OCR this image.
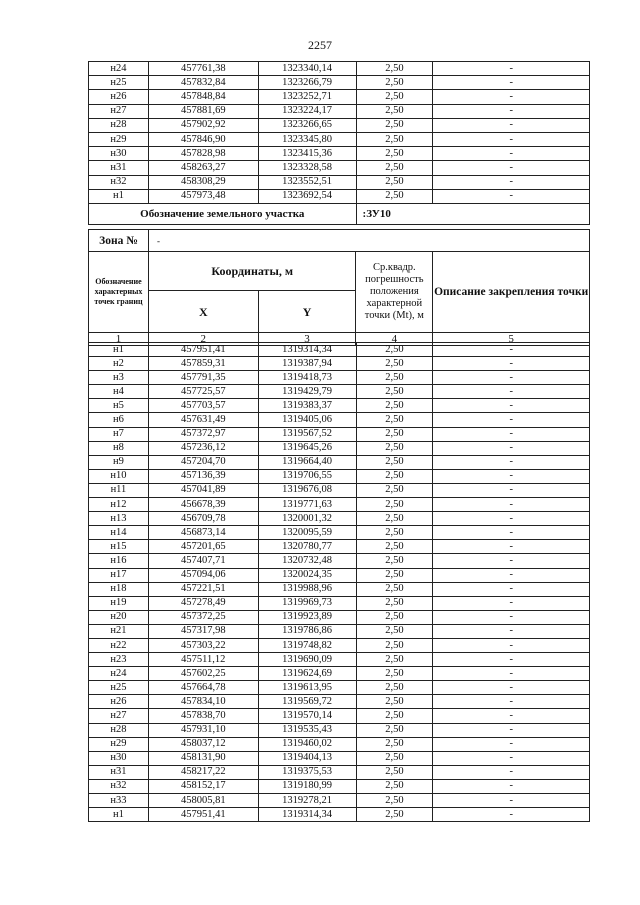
2257
н24	457761,38	1323340,14	2,50	-
н25	457832,84	1323266,79	2,50	-
н26	457848,84	1323252,71	2,50	-
н27	457881,69	1323224,17	2,50	-
н28	457902,92	1323266,65	2,50	-
н29	457846,90	1323345,80	2,50	-
н30	457828,98	1323415,36	2,50	-
н31	458263,27	1323328,58	2,50	-
н32	458308,29	1323552,51	2,50	-
н1	457973,48	1323692,54	2,50	-
Обозначение земельного участка			:ЗУ10	
Зона №	-			
Обозначение характерных точек границ	Координаты, м		Ср.квадр. погрешность положения характерной точки (Mt), м	Описание закрепления точки
	X	Y		
1	2	3	4	5
н1	457951,41	1319314,34	2,50	-
н2	457859,31	1319387,94	2,50	-
н3	457791,35	1319418,73	2,50	-
н4	457725,57	1319429,79	2,50	-
н5	457703,57	1319383,37	2,50	-
н6	457631,49	1319405,06	2,50	-
н7	457372,97	1319567,52	2,50	-
н8	457236,12	1319645,26	2,50	-
н9	457204,70	1319664,40	2,50	-
н10	457136,39	1319706,55	2,50	-
н11	457041,89	1319676,08	2,50	-
н12	456678,39	1319771,63	2,50	-
н13	456709,78	1320001,32	2,50	-
н14	456873,14	1320095,59	2,50	-
н15	457201,65	1320780,77	2,50	-
н16	457407,71	1320732,48	2,50	-
н17	457094,06	1320024,35	2,50	-
н18	457221,51	1319988,96	2,50	-
н19	457278,49	1319969,73	2,50	-
н20	457372,25	1319923,89	2,50	-
н21	457317,98	1319786,86	2,50	-
н22	457303,22	1319748,82	2,50	-
н23	457511,12	1319690,09	2,50	-
н24	457602,25	1319624,69	2,50	-
н25	457664,78	1319613,95	2,50	-
н26	457834,10	1319569,72	2,50	-
н27	457838,70	1319570,14	2,50	-
н28	457931,10	1319535,43	2,50	-
н29	458037,12	1319460,02	2,50	-
н30	458131,90	1319404,13	2,50	-
н31	458217,22	1319375,53	2,50	-
н32	458152,17	1319180,99	2,50	-
н33	458005,81	1319278,21	2,50	-
н1	457951,41	1319314,34	2,50	-
